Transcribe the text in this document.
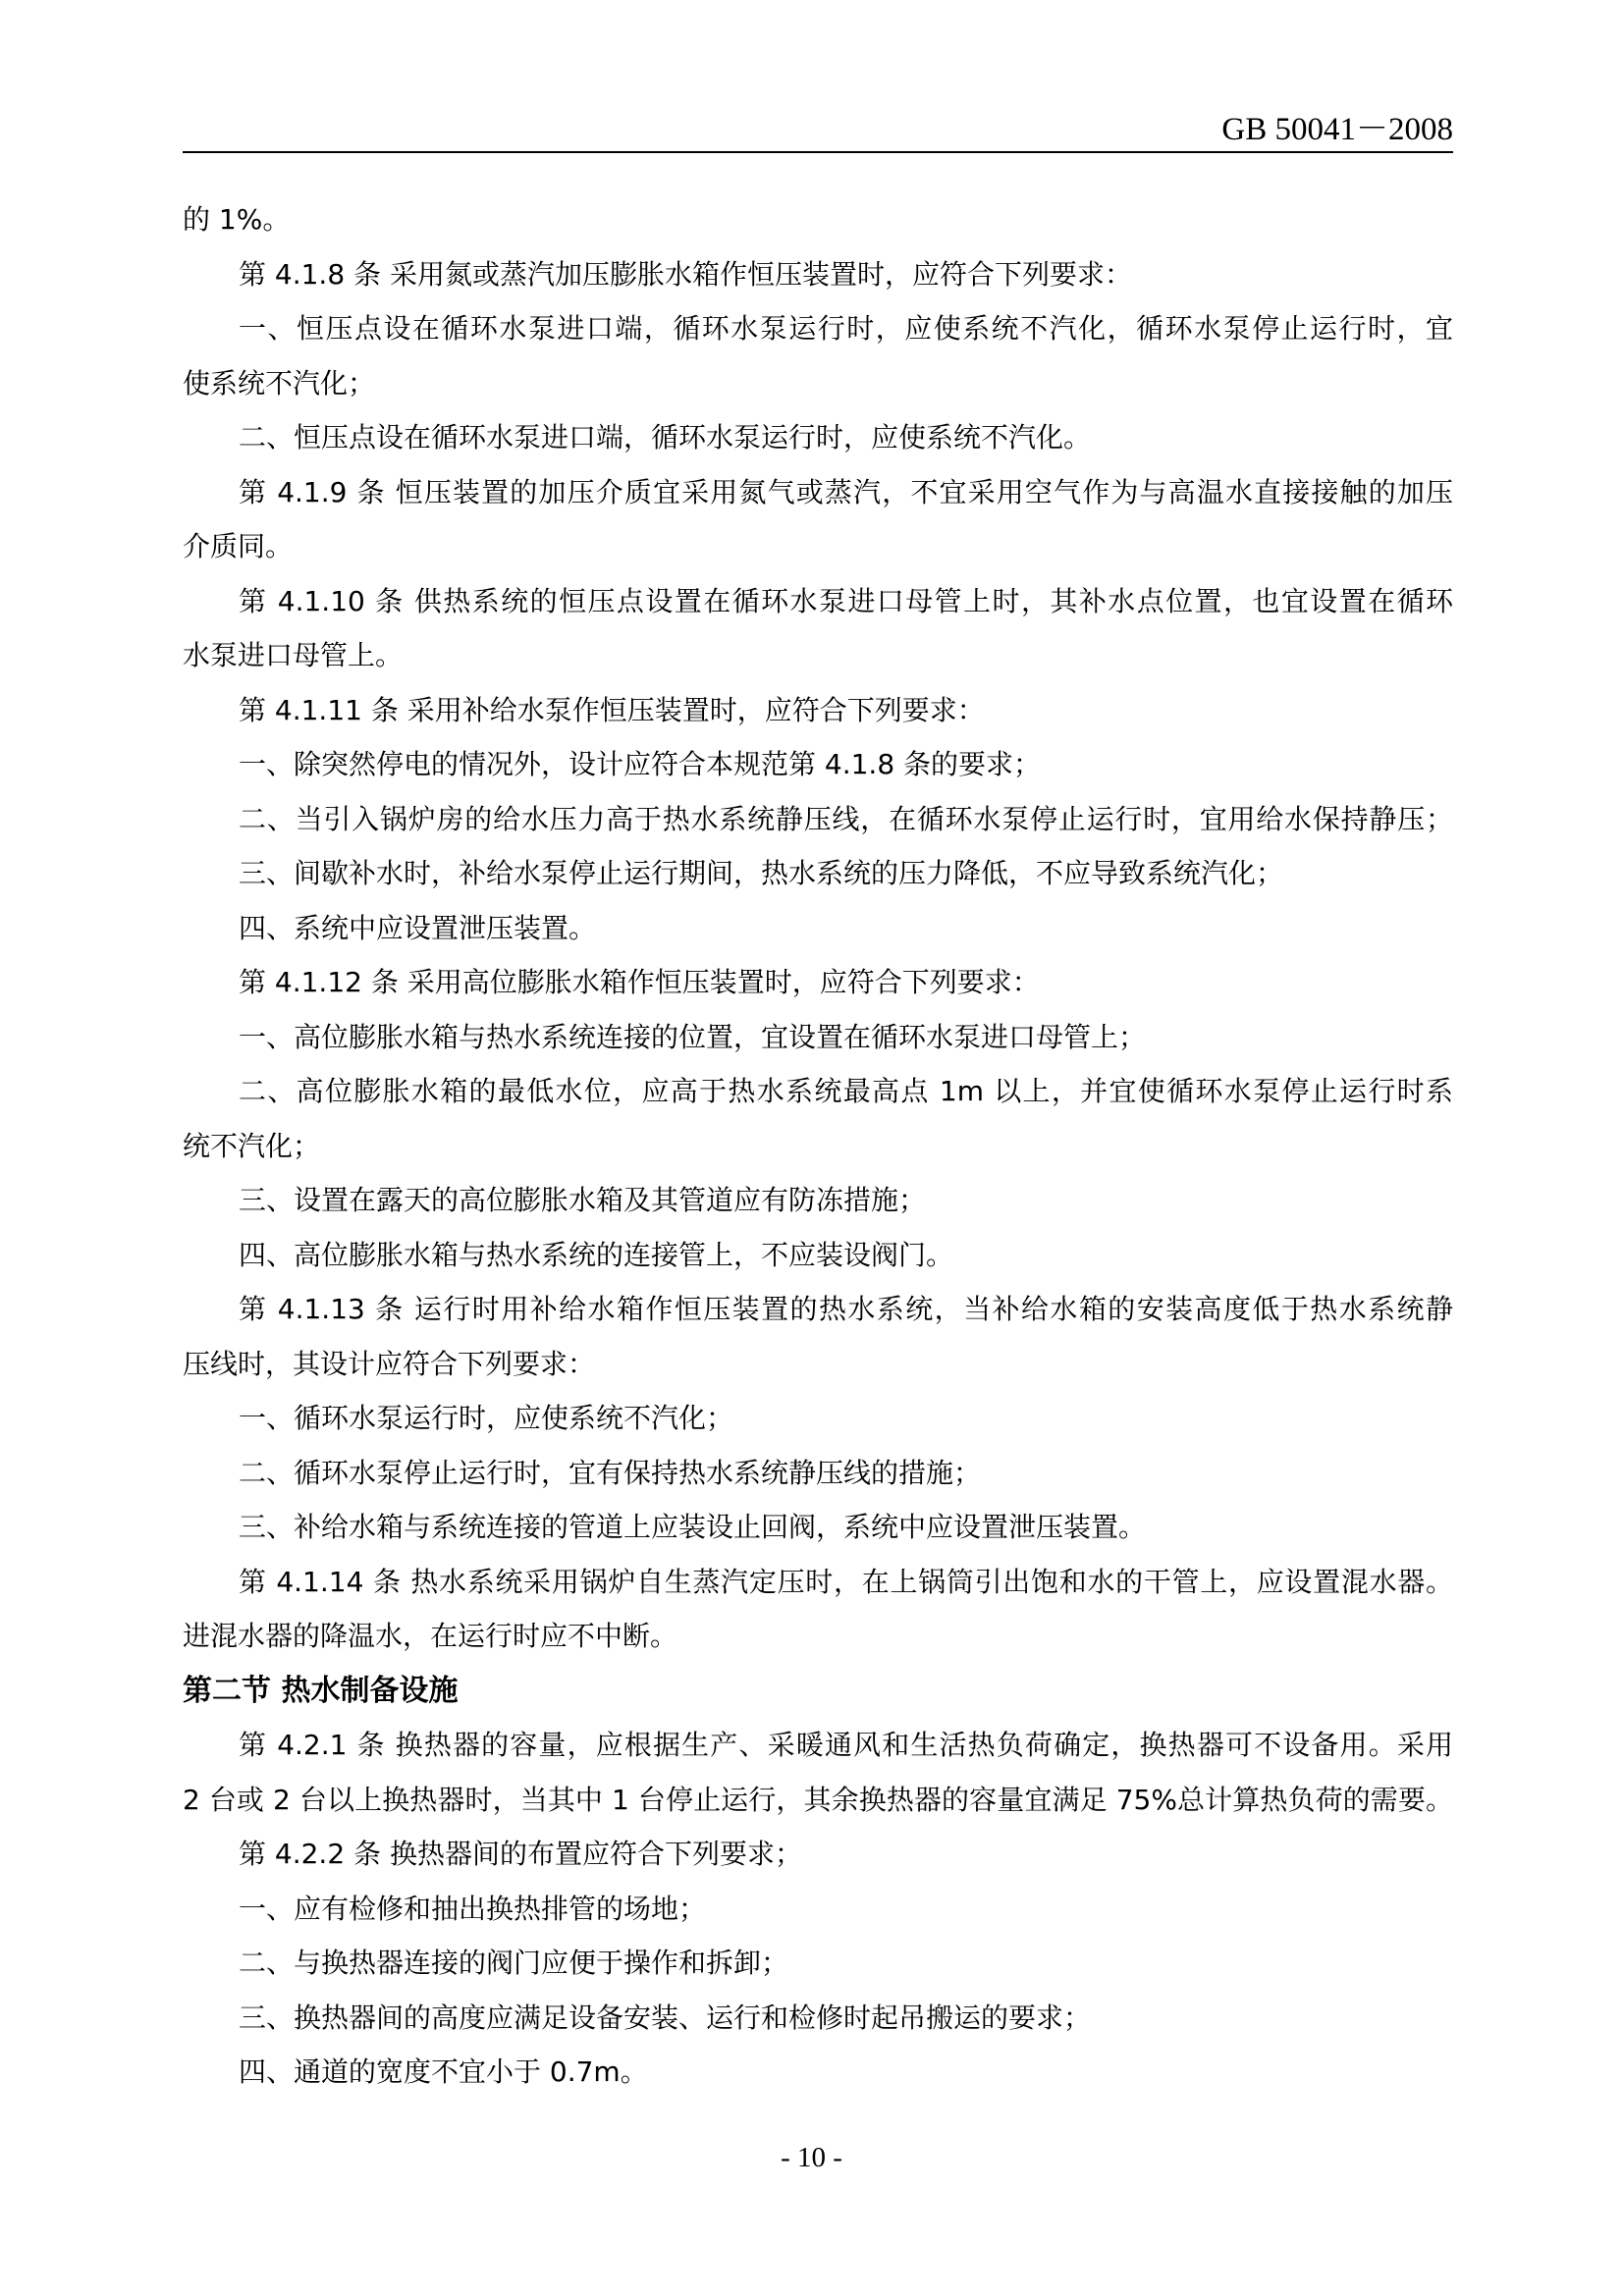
GB 50041－2008
的 1%。
第 4.1.8 条 采用氮或蒸汽加压膨胀水箱作恒压装置时，应符合下列要求：
一、恒压点设在循环水泵进口端，循环水泵运行时，应使系统不汽化，循环水泵停止运行时，宜
使系统不汽化；
二、恒压点设在循环水泵进口端，循环水泵运行时，应使系统不汽化。
第 4.1.9 条 恒压装置的加压介质宜采用氮气或蒸汽，不宜采用空气作为与高温水直接接触的加压
介质同。
第 4.1.10 条 供热系统的恒压点设置在循环水泵进口母管上时，其补水点位置，也宜设置在循环
水泵进口母管上。
第 4.1.11 条 采用补给水泵作恒压装置时，应符合下列要求：
一、除突然停电的情况外，设计应符合本规范第 4.1.8 条的要求；
二、当引入锅炉房的给水压力高于热水系统静压线，在循环水泵停止运行时，宜用给水保持静压；
三、间歇补水时，补给水泵停止运行期间，热水系统的压力降低，不应导致系统汽化；
四、系统中应设置泄压装置。
第 4.1.12 条 采用高位膨胀水箱作恒压装置时，应符合下列要求：
一、高位膨胀水箱与热水系统连接的位置，宜设置在循环水泵进口母管上；
二、高位膨胀水箱的最低水位，应高于热水系统最高点 1m 以上，并宜使循环水泵停止运行时系
统不汽化；
三、设置在露天的高位膨胀水箱及其管道应有防冻措施；
四、高位膨胀水箱与热水系统的连接管上，不应装设阀门。
第 4.1.13 条 运行时用补给水箱作恒压装置的热水系统，当补给水箱的安装高度低于热水系统静
压线时，其设计应符合下列要求：
一、循环水泵运行时，应使系统不汽化；
二、循环水泵停止运行时，宜有保持热水系统静压线的措施；
三、补给水箱与系统连接的管道上应装设止回阀，系统中应设置泄压装置。
第 4.1.14 条 热水系统采用锅炉自生蒸汽定压时，在上锅筒引出饱和水的干管上，应设置混水器。
进混水器的降温水，在运行时应不中断。
第二节 热水制备设施
第 4.2.1 条 换热器的容量，应根据生产、采暖通风和生活热负荷确定，换热器可不设备用。采用
2 台或 2 台以上换热器时，当其中 1 台停止运行，其余换热器的容量宜满足 75%总计算热负荷的需要。
第 4.2.2 条 换热器间的布置应符合下列要求；
一、应有检修和抽出换热排管的场地；
二、与换热器连接的阀门应便于操作和拆卸；
三、换热器间的高度应满足设备安装、运行和检修时起吊搬运的要求；
四、通道的宽度不宜小于 0.7m。
- 10 -
